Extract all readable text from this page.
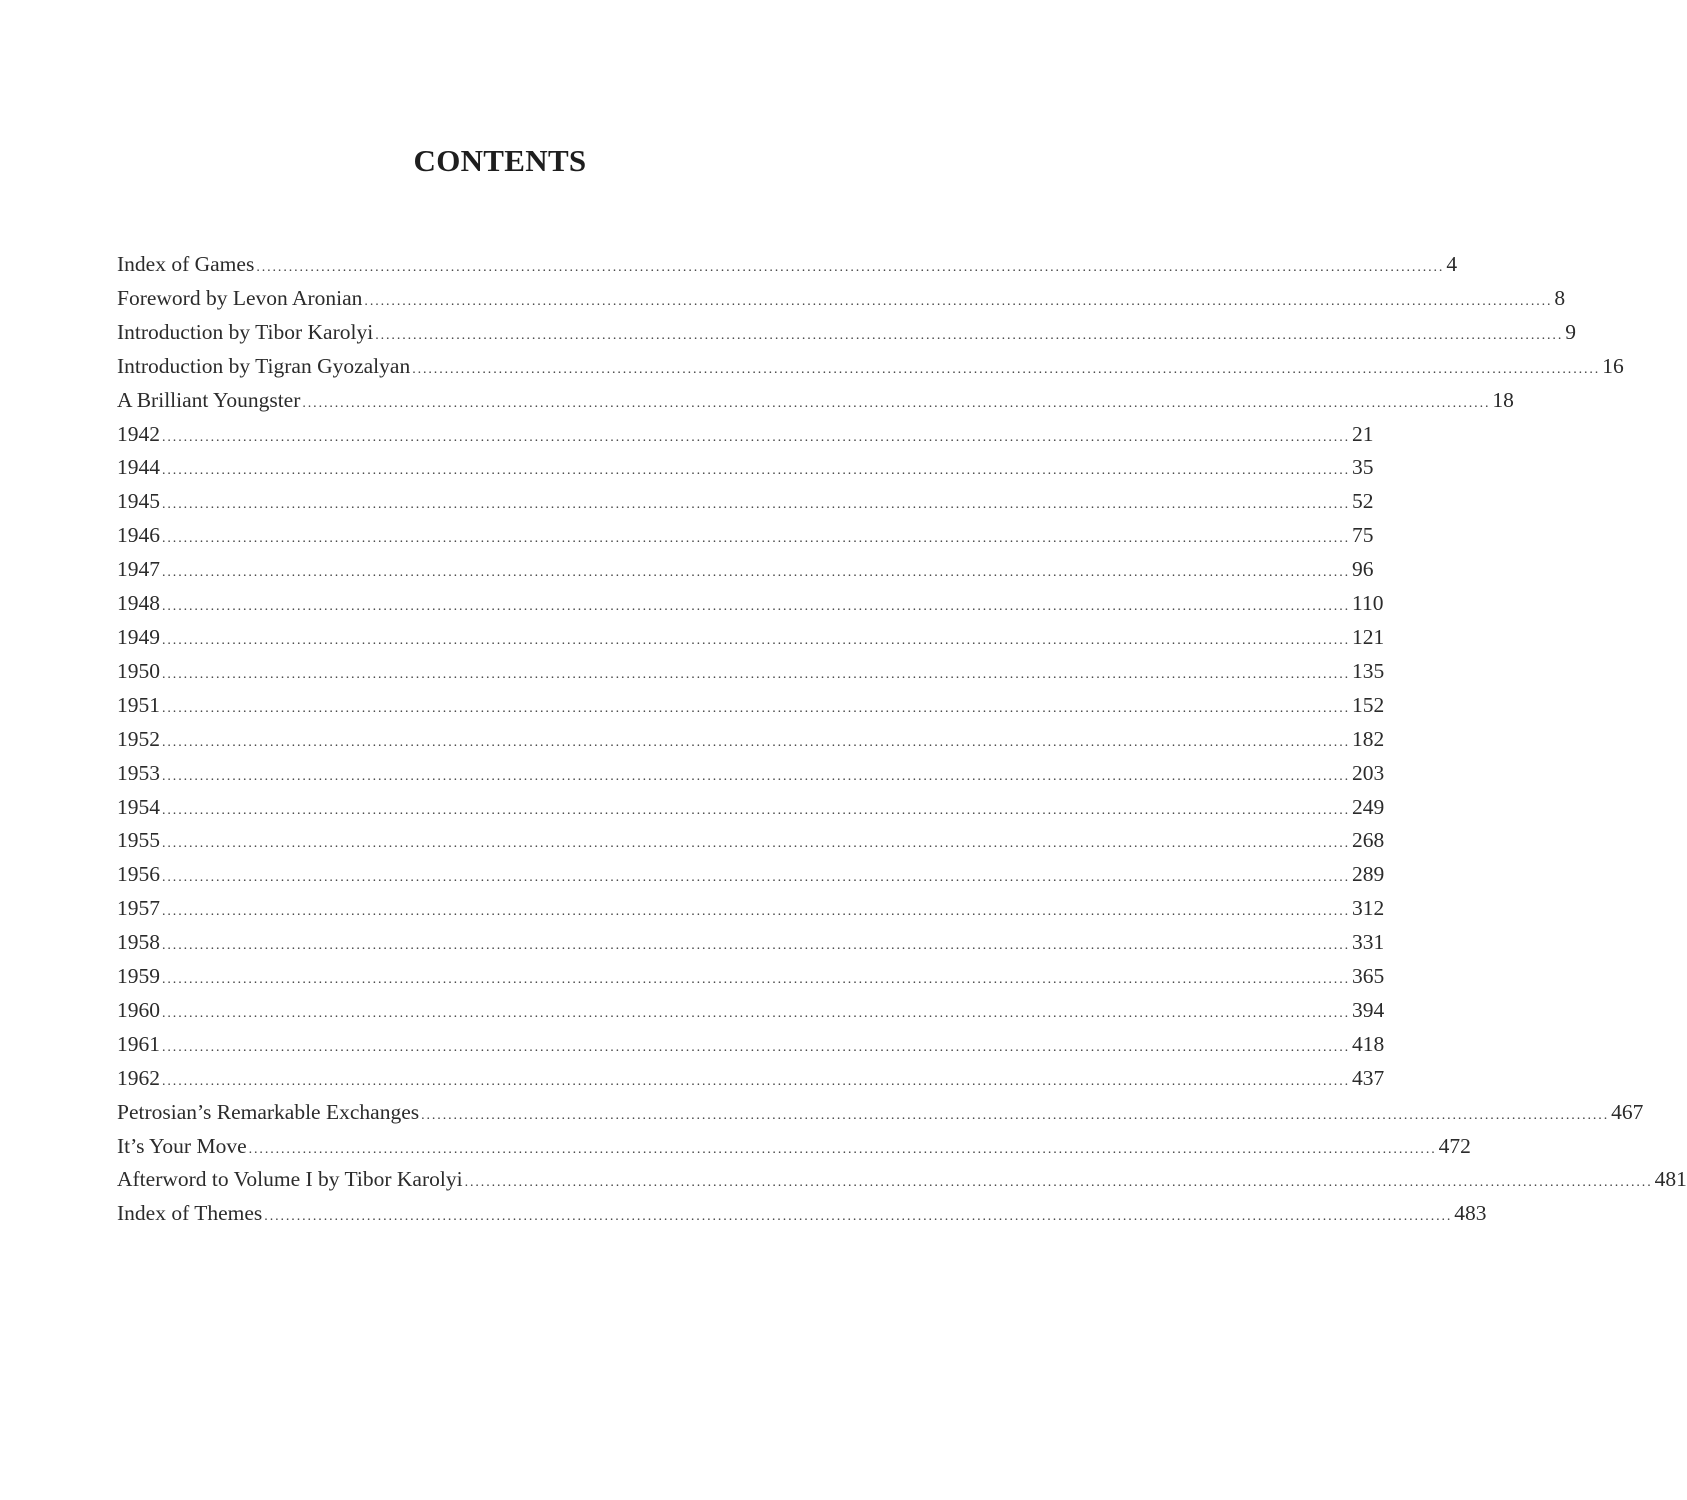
CONTENTS
Index of Games ............................................................................................................................................................................................................................ 4
Foreword by Levon Aronian ............................................................................................................................................................................................................................ 8
Introduction by Tibor Karolyi ............................................................................................................................................................................................................................ 9
Introduction by Tigran Gyozalyan ............................................................................................................................................................................................................................ 16
A Brilliant Youngster ............................................................................................................................................................................................................................ 18
1942 ............................................................................................................................................................................................................................ 21
1944 ............................................................................................................................................................................................................................ 35
1945 ............................................................................................................................................................................................................................ 52
1946 ............................................................................................................................................................................................................................ 75
1947 ............................................................................................................................................................................................................................ 96
1948 ............................................................................................................................................................................................................................ 110
1949 ............................................................................................................................................................................................................................ 121
1950 ............................................................................................................................................................................................................................ 135
1951 ............................................................................................................................................................................................................................ 152
1952 ............................................................................................................................................................................................................................ 182
1953 ............................................................................................................................................................................................................................ 203
1954 ............................................................................................................................................................................................................................ 249
1955 ............................................................................................................................................................................................................................ 268
1956 ............................................................................................................................................................................................................................ 289
1957 ............................................................................................................................................................................................................................ 312
1958 ............................................................................................................................................................................................................................ 331
1959 ............................................................................................................................................................................................................................ 365
1960 ............................................................................................................................................................................................................................ 394
1961 ............................................................................................................................................................................................................................ 418
1962 ............................................................................................................................................................................................................................ 437
Petrosian’s Remarkable Exchanges ............................................................................................................................................................................................................................ 467
It’s Your Move ............................................................................................................................................................................................................................ 472
Afterword to Volume I by Tibor Karolyi ............................................................................................................................................................................................................................ 481
Index of Themes ............................................................................................................................................................................................................................ 483
